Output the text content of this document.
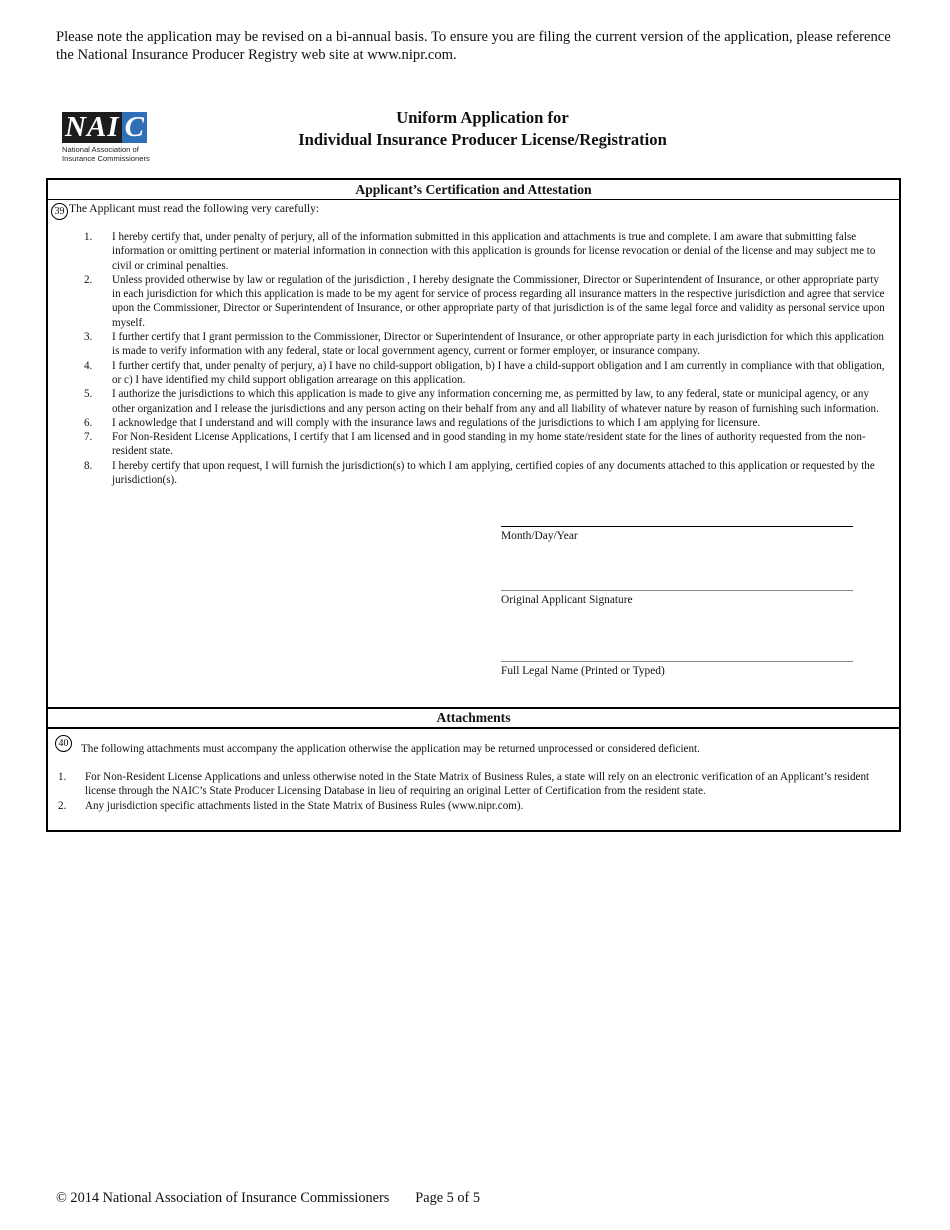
Please note the application may be revised on a bi-annual basis. To ensure you are filing the current version of the application, please reference the National Insurance Producer Registry web site at www.nipr.com.
NAI C
National Association of
Insurance Commissioners
Uniform Application for
Individual Insurance Producer License/Registration
Applicant’s Certification and Attestation
39 The Applicant must read the following very carefully:
1. I hereby certify that, under penalty of perjury, all of the information submitted in this application and attachments is true and complete. I am aware that submitting false information or omitting pertinent or material information in connection with this application is grounds for license revocation or denial of the license and may subject me to civil or criminal penalties.
2. Unless provided otherwise by law or regulation of the jurisdiction , I hereby designate the Commissioner, Director or Superintendent of Insurance, or other appropriate party in each jurisdiction for which this application is made to be my agent for service of process regarding all insurance matters in the respective jurisdiction and agree that service upon the Commissioner, Director or Superintendent of Insurance, or other appropriate party of that jurisdiction is of the same legal force and validity as personal service upon myself.
3. I further certify that I grant permission to the Commissioner, Director or Superintendent of Insurance, or other appropriate party in each jurisdiction for which this application is made to verify information with any federal, state or local government agency, current or former employer, or insurance company.
4. I further certify that, under penalty of perjury, a) I have no child-support obligation, b) I have a child-support obligation and I am currently in compliance with that obligation, or c) I have identified my child support obligation arrearage on this application.
5. I authorize the jurisdictions to which this application is made to give any information concerning me, as permitted by law, to any federal, state or municipal agency, or any other organization and I release the jurisdictions and any person acting on their behalf from any and all liability of whatever nature by reason of furnishing such information.
6. I acknowledge that I understand and will comply with the insurance laws and regulations of the jurisdictions to which I am applying for licensure.
7. For Non-Resident License Applications, I certify that I am licensed and in good standing in my home state/resident state for the lines of authority requested from the non-resident state.
8. I hereby certify that upon request, I will furnish the jurisdiction(s) to which I am applying, certified copies of any documents attached to this application or requested by the jurisdiction(s).
Month/Day/Year
Original Applicant Signature
Full Legal Name (Printed or Typed)
Attachments
40	The following attachments must accompany the application otherwise the application may be returned unprocessed or considered deficient.
1. For Non-Resident License Applications and unless otherwise noted in the State Matrix of Business Rules, a state will rely on an electronic verification of an Applicant’s resident license through the NAIC’s State Producer Licensing Database in lieu of requiring an original Letter of Certification from the resident state.
2. Any jurisdiction specific attachments listed in the State Matrix of Business Rules (www.nipr.com).
© 2014 National Association of Insurance Commissioners Page 5 of 5
